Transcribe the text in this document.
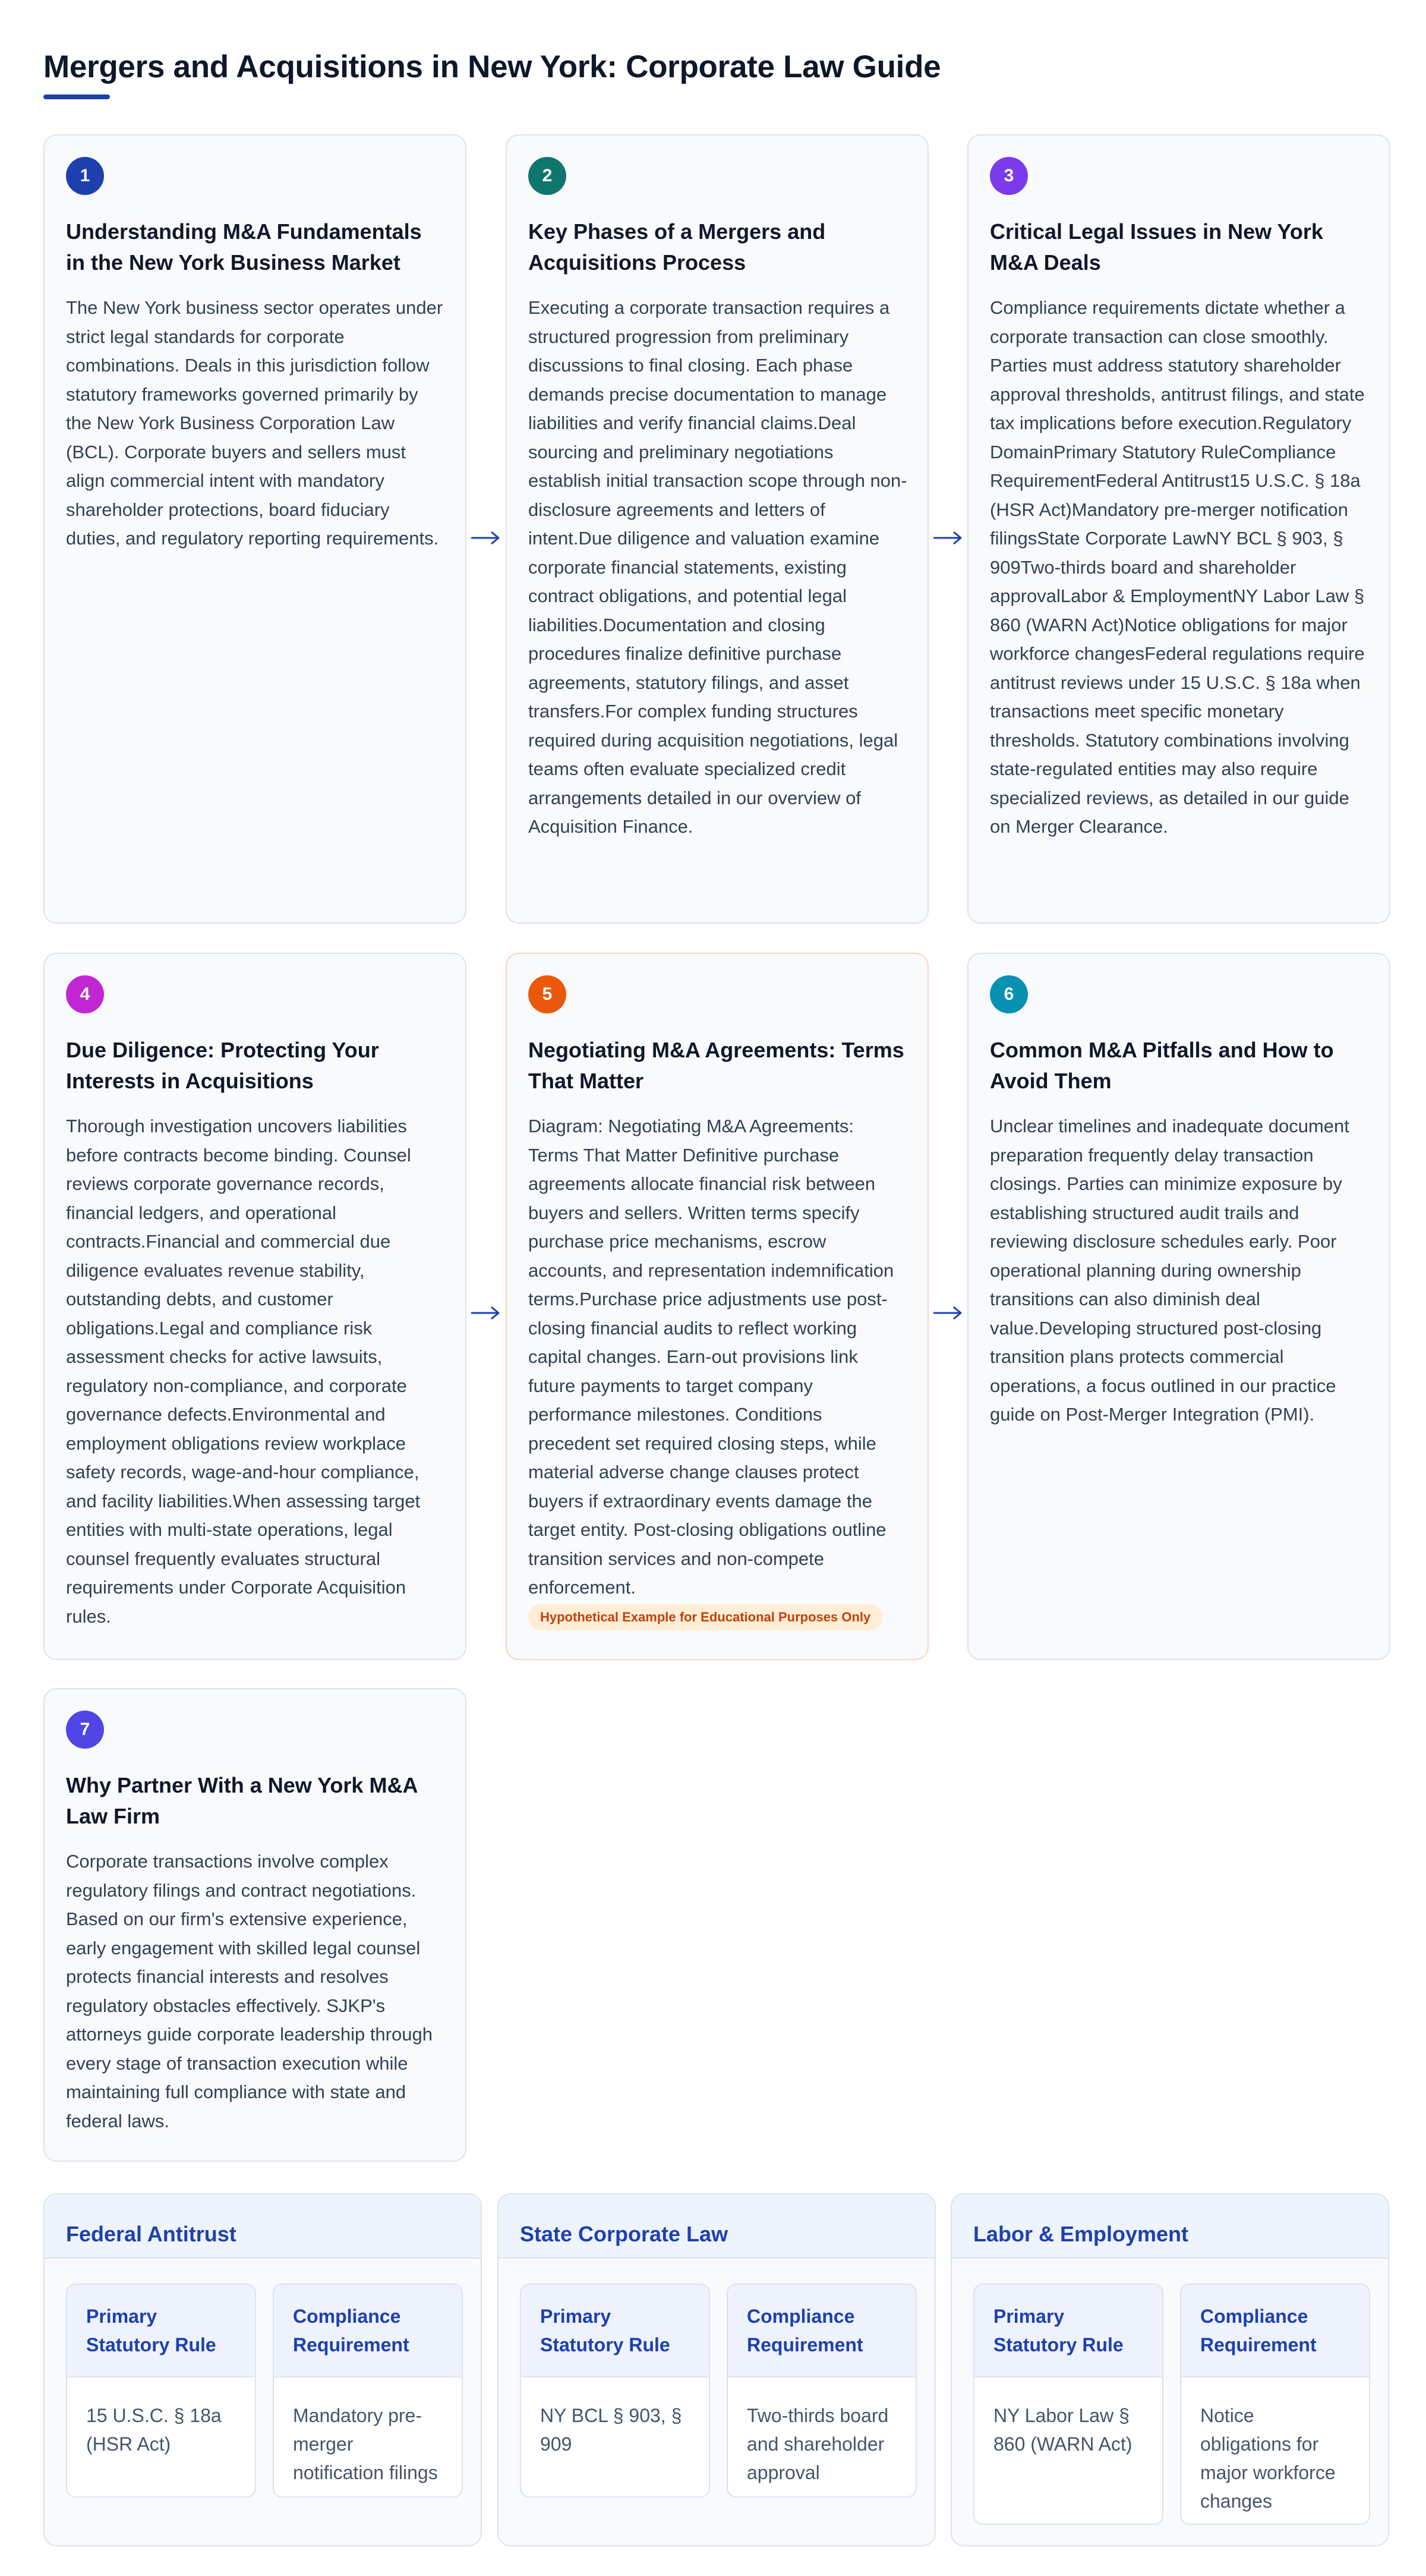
Mergers and Acquisitions in New York: Corporate Law Guide
1
Understanding M&A Fundamentals in the New York Business Market
The New York business sector operates under strict legal standards for corporate combinations. Deals in this jurisdiction follow statutory frameworks governed primarily by the New York Business Corporation Law (BCL). Corporate buyers and sellers must align commercial intent with mandatory shareholder protections, board fiduciary duties, and regulatory reporting requirements.
2
Key Phases of a Mergers and Acquisitions Process
Executing a corporate transaction requires a structured progression from preliminary discussions to final closing. Each phase demands precise documentation to manage liabilities and verify financial claims.Deal sourcing and preliminary negotiations establish initial transaction scope through non-disclosure agreements and letters of intent.Due diligence and valuation examine corporate financial statements, existing contract obligations, and potential legal liabilities.Documentation and closing procedures finalize definitive purchase agreements, statutory filings, and asset transfers.For complex funding structures required during acquisition negotiations, legal teams often evaluate specialized credit arrangements detailed in our overview of Acquisition Finance.
3
Critical Legal Issues in New York M&A Deals
Compliance requirements dictate whether a corporate transaction can close smoothly. Parties must address statutory shareholder approval thresholds, antitrust filings, and state tax implications before execution.Regulatory DomainPrimary Statutory RuleCompliance RequirementFederal Antitrust15 U.S.C. § 18a (HSR Act)Mandatory pre-merger notification filingsState Corporate LawNY BCL § 903, § 909Two-thirds board and shareholder approvalLabor & EmploymentNY Labor Law § 860 (WARN Act)Notice obligations for major workforce changesFederal regulations require antitrust reviews under 15 U.S.C. § 18a when transactions meet specific monetary thresholds. Statutory combinations involving state-regulated entities may also require specialized reviews, as detailed in our guide on Merger Clearance.
4
Due Diligence: Protecting Your Interests in Acquisitions
Thorough investigation uncovers liabilities before contracts become binding. Counsel reviews corporate governance records, financial ledgers, and operational contracts.Financial and commercial due diligence evaluates revenue stability, outstanding debts, and customer obligations.Legal and compliance risk assessment checks for active lawsuits, regulatory non-compliance, and corporate governance defects.Environmental and employment obligations review workplace safety records, wage-and-hour compliance, and facility liabilities.When assessing target entities with multi-state operations, legal counsel frequently evaluates structural requirements under Corporate Acquisition rules.
5
Negotiating M&A Agreements: Terms That Matter
Diagram: Negotiating M&A Agreements: Terms That Matter Definitive purchase agreements allocate financial risk between buyers and sellers. Written terms specify purchase price mechanisms, escrow accounts, and representation indemnification terms.Purchase price adjustments use post-closing financial audits to reflect working capital changes. Earn-out provisions link future payments to target company performance milestones. Conditions precedent set required closing steps, while material adverse change clauses protect buyers if extraordinary events damage the target entity. Post-closing obligations outline transition services and non-compete enforcement.
Hypothetical Example for Educational Purposes Only
6
Common M&A Pitfalls and How to Avoid Them
Unclear timelines and inadequate document preparation frequently delay transaction closings. Parties can minimize exposure by establishing structured audit trails and reviewing disclosure schedules early. Poor operational planning during ownership transitions can also diminish deal value.Developing structured post-closing transition plans protects commercial operations, a focus outlined in our practice guide on Post-Merger Integration (PMI).
7
Why Partner With a New York M&A Law Firm
Corporate transactions involve complex regulatory filings and contract negotiations. Based on our firm's extensive experience, early engagement with skilled legal counsel protects financial interests and resolves regulatory obstacles effectively. SJKP's attorneys guide corporate leadership through every stage of transaction execution while maintaining full compliance with state and federal laws.
Federal Antitrust
Primary Statutory Rule
15 U.S.C. § 18a (HSR Act)
Compliance Requirement
Mandatory pre-merger notification filings
State Corporate Law
Primary Statutory Rule
NY BCL § 903, § 909
Compliance Requirement
Two-thirds board and shareholder approval
Labor & Employment
Primary Statutory Rule
NY Labor Law § 860 (WARN Act)
Compliance Requirement
Notice obligations for major workforce changes
